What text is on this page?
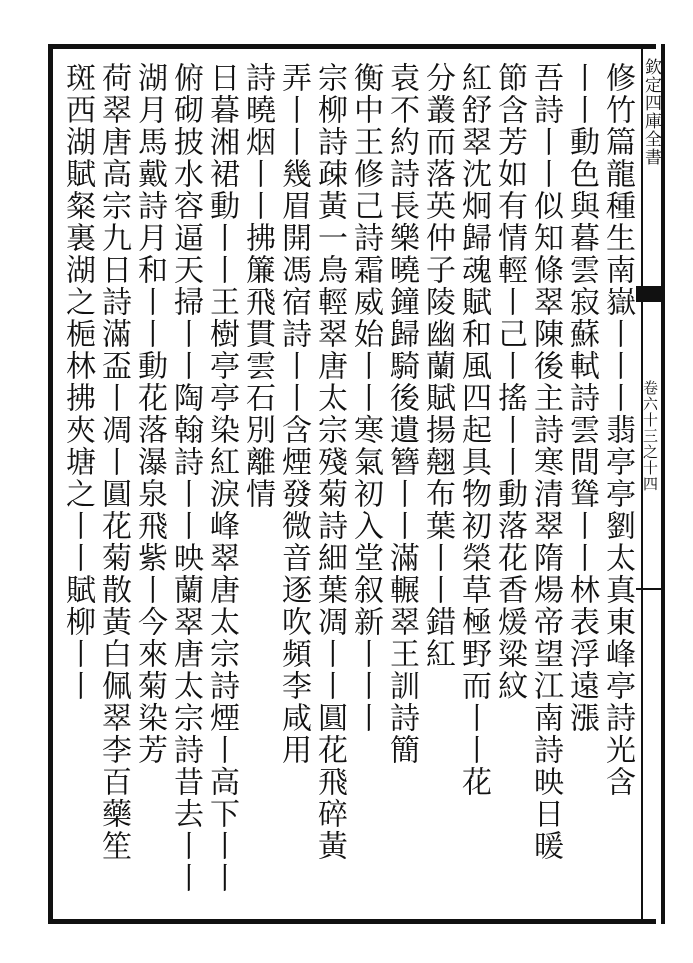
欽定四庫全書
卷六十三之十四
修竹篇龍種生南嶽丨丨丨翡亭亭劉太真東峰亭詩光含
丨丨動色與暮雲寂蘇軾詩雲間聳丨丨林表浮遠漲
吾詩丨丨似知條翠陳後主詩寒清翠隋煬帝望江南詩映日暖
節含芳如有情輕丨己丨搖丨丨動落花香煖粱紋
紅舒翠沈炯歸魂賦和風四起具物初榮草極野而丨丨花
分叢而落英仲子陵幽蘭賦揚翹布葉丨丨錯紅
袁不約詩長樂曉鐘歸騎後遺簪丨丨滿輾翠王訓詩簡
衡中王修己詩霜威始丨丨寒氣初入堂叙新丨丨丨
宗柳詩疎黃一鳥輕翠唐太宗殘菊詩細葉凋丨丨圓花飛碎黃
弄丨丨幾眉開馮宿詩丨丨含煙發微音逐吹頻李咸用
詩曉烟丨丨拂簾飛貫雲石別離情
日暮湘裙動丨丨王樹亭亭染紅淚峰翠唐太宗詩煙丨高下丨丨
俯砌披水容逼天掃丨丨陶翰詩丨丨映蘭翠唐太宗詩昔去丨丨
湖月馬戴詩月和丨丨動花落瀑泉飛紫丨今來菊染芳
荷翠唐高宗九日詩滿盃丨凋丨圓花菊散黃白佩翠李百藥笙
斑西湖賦粲裏湖之梔林拂夾塘之丨丨賦柳丨丨
